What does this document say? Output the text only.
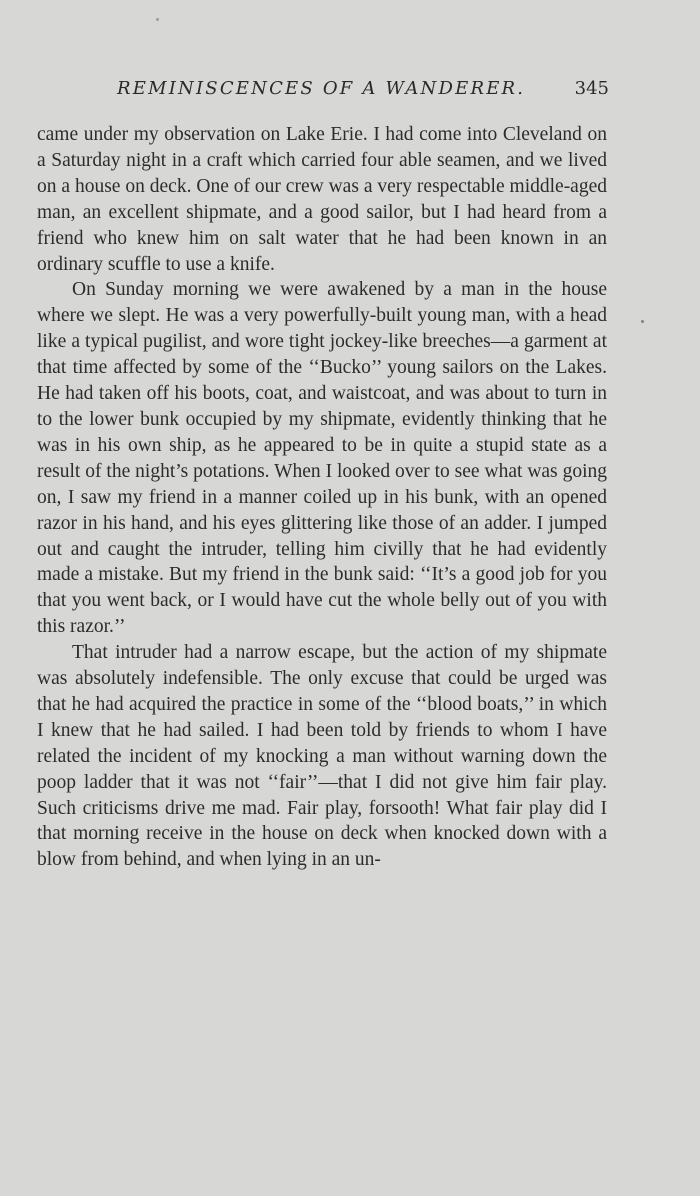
REMINISCENCES OF A WANDERER.	345

came under my observation on Lake Erie. I had come into Cleveland on a Saturday night in a craft which carried four able seamen, and we lived on a house on deck. One of our crew was a very respectable middle-aged man, an excellent shipmate, and a good sailor, but I had heard from a friend who knew him on salt water that he had been known in an ordinary scuffle to use a knife.

On Sunday morning we were awakened by a man in the house where we slept. He was a very powerfully-built young man, with a head like a typical pugilist, and wore tight jockey-like breeches—a garment at that time affected by some of the ‘‘Bucko’’ young sailors on the Lakes. He had taken off his boots, coat, and waistcoat, and was about to turn in to the lower bunk occupied by my shipmate, evidently thinking that he was in his own ship, as he appeared to be in quite a stupid state as a result of the night’s potations. When I looked over to see what was going on, I saw my friend in a manner coiled up in his bunk, with an opened razor in his hand, and his eyes glittering like those of an adder. I jumped out and caught the intruder, telling him civilly that he had evidently made a mistake. But my friend in the bunk said: ‘‘It’s a good job for you that you went back, or I would have cut the whole belly out of you with this razor.’’

That intruder had a narrow escape, but the action of my shipmate was absolutely indefensible. The only excuse that could be urged was that he had acquired the practice in some of the ‘‘blood boats,’’ in which I knew that he had sailed. I had been told by friends to whom I have related the incident of my knocking a man without warning down the poop ladder that it was not ‘‘fair’’—that I did not give him fair play. Such criticisms drive me mad. Fair play, forsooth! What fair play did I that morning receive in the house on deck when knocked down with a blow from behind, and when lying in an un-
